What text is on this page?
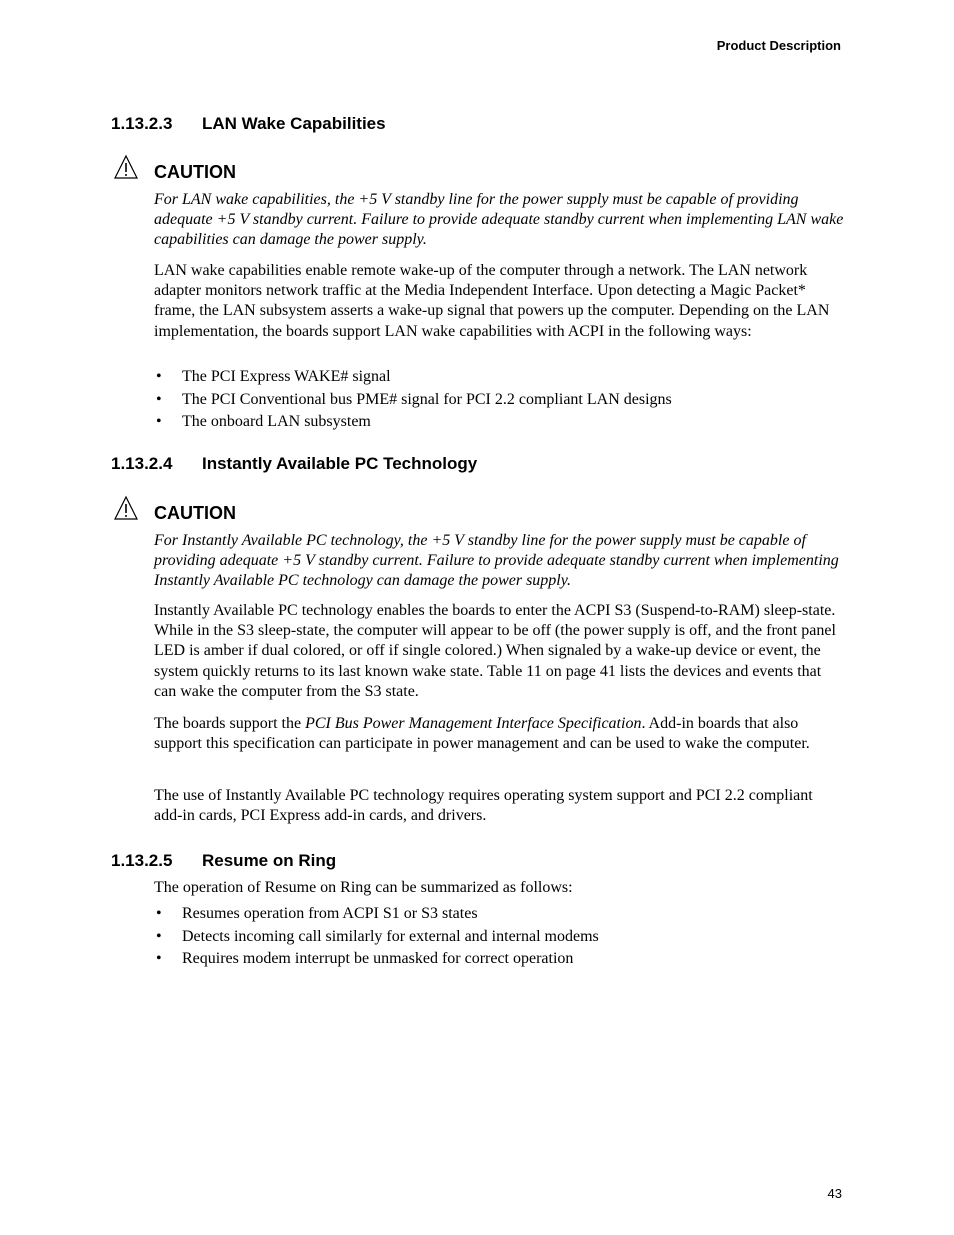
Product Description
1.13.2.3 LAN Wake Capabilities
CAUTION
For LAN wake capabilities, the +5 V standby line for the power supply must be capable of providing adequate +5 V standby current. Failure to provide adequate standby current when implementing LAN wake capabilities can damage the power supply.
LAN wake capabilities enable remote wake-up of the computer through a network. The LAN network adapter monitors network traffic at the Media Independent Interface. Upon detecting a Magic Packet* frame, the LAN subsystem asserts a wake-up signal that powers up the computer. Depending on the LAN implementation, the boards support LAN wake capabilities with ACPI in the following ways:
• The PCI Express WAKE# signal
• The PCI Conventional bus PME# signal for PCI 2.2 compliant LAN designs
• The onboard LAN subsystem
1.13.2.4 Instantly Available PC Technology
CAUTION
For Instantly Available PC technology, the +5 V standby line for the power supply must be capable of providing adequate +5 V standby current. Failure to provide adequate standby current when implementing Instantly Available PC technology can damage the power supply.
Instantly Available PC technology enables the boards to enter the ACPI S3 (Suspend-to-RAM) sleep-state. While in the S3 sleep-state, the computer will appear to be off (the power supply is off, and the front panel LED is amber if dual colored, or off if single colored.) When signaled by a wake-up device or event, the system quickly returns to its last known wake state. Table 11 on page 41 lists the devices and events that can wake the computer from the S3 state.
The boards support the PCI Bus Power Management Interface Specification. Add-in boards that also support this specification can participate in power management and can be used to wake the computer.
The use of Instantly Available PC technology requires operating system support and PCI 2.2 compliant add-in cards, PCI Express add-in cards, and drivers.
1.13.2.5 Resume on Ring
The operation of Resume on Ring can be summarized as follows:
• Resumes operation from ACPI S1 or S3 states
• Detects incoming call similarly for external and internal modems
• Requires modem interrupt be unmasked for correct operation
43
